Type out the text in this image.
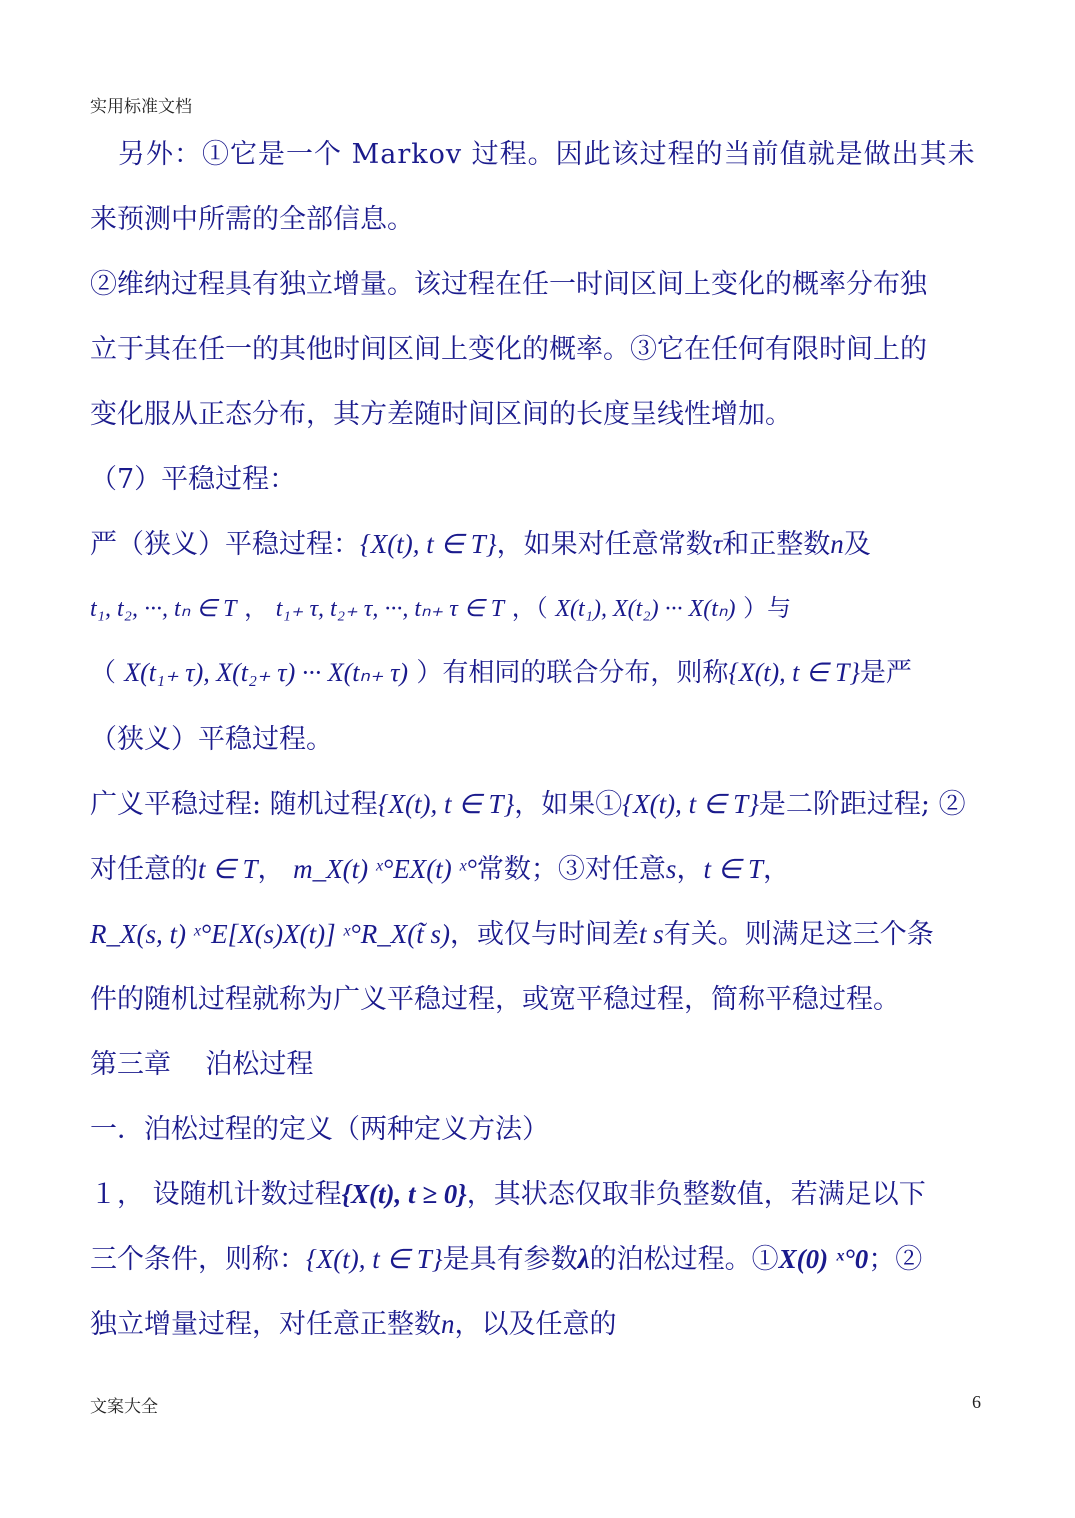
实用标准文档
另外：①它是一个 Markov 过程。因此该过程的当前值就是做出其未
来预测中所需的全部信息。
②维纳过程具有独立增量。该过程在任一时间区间上变化的概率分布独
立于其在任一的其他时间区间上变化的概率。③它在任何有限时间上的
变化服从正态分布，其方差随时间区间的长度呈线性增加。
（7）平稳过程：
严（狭义）平稳过程：{X(t), t ∈ T}，如果对任意常数τ和正整数n及
t₁, t₂, ···, tₙ ∈ T ， t₁₊ τ, t₂₊ τ, ···, tₙ₊ τ ∈ T ，（ X(t₁), X(t₂) ··· X(tₙ) ）与
（ X(t₁₊ τ), X(t₂₊ τ) ··· X(tₙ₊ τ) ）有相同的联合分布，则称{X(t), t ∈ T}是严
（狭义）平稳过程。
广义平稳过程: 随机过程{X(t), t ∈ T}，如果①{X(t), t ∈ T}是二阶距过程; ②
对任意的t ∈ T， m_X(t) ˣ°EX(t) ˣ°常数；③对任意s，t ∈ T，
R_X(s, t) ˣ°E[X(s)X(t)] ˣ°R_X(t̃ s)，或仅与时间差t s有关。则满足这三个条
件的随机过程就称为广义平稳过程，或宽平稳过程，简称平稳过程。
第三章    泊松过程
一．泊松过程的定义（两种定义方法）
１， 设随机计数过程{X(t), t ≥ 0}，其状态仅取非负整数值，若满足以下
三个条件，则称：{X(t), t ∈ T}是具有参数λ的泊松过程。①X(0) ˣ°0；②
独立增量过程，对任意正整数n，以及任意的
文案大全	6
